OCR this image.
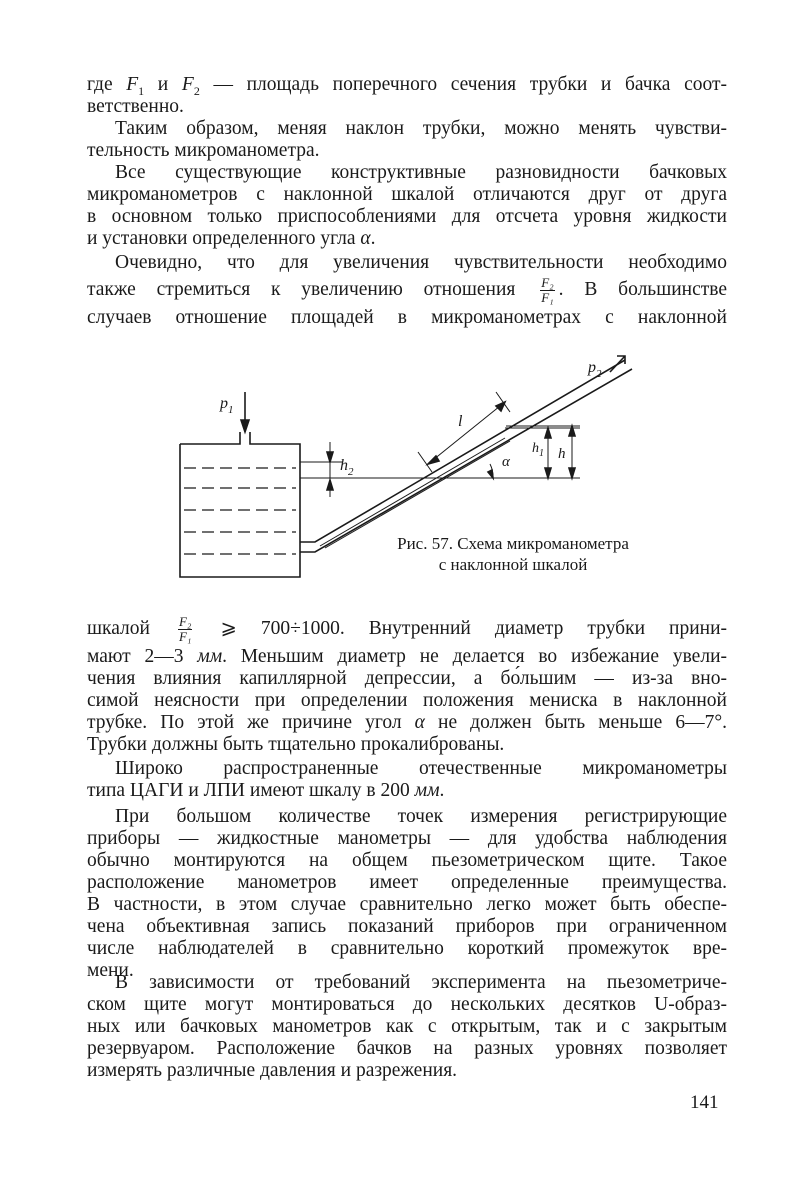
где $F_1$ и $F_2$ — площадь поперечного сечения трубки и бачка соот-
ветственно.

Таким образом, меняя наклон трубки, можно менять чувстви-
тельность микроманометра.

Все существующие конструктивные разновидности бачковых
микроманометров с наклонной шкалой отличаются друг от друга
в основном только приспособлениями для отсчета уровня жидкости
и установки определенного угла α.

Очевидно, что для увеличения чувствительности необходимо
также стремиться к увеличению отношения $\frac{\text{F₂}}{\text{F₁}}$ . В большинстве
случаев отношение площадей в микроманометрах с наклонной

$p_1$
$h_2$
l
α
$h_1$ h
$p_2$
Рис. 57. Схема микроманометра
с наклонной шкалой

шкалой $\frac{\text{F₂}}{\text{F₁}}$ ⩾ 700÷1000. Внутренний диаметр трубки прини-
мают 2—3 мм. Меньшим диаметр не делается во избежание увели-
чения влияния капиллярной депрессии, а бо́льшим — из-за вно-
симой неясности при определении положения мениска в наклонной
трубке. По этой же причине угол α не должен быть меньше 6—7°.
Трубки должны быть тщательно прокалиброваны.

Широко распространенные отечественные микроманометры
типа ЦАГИ и ЛПИ имеют шкалу в 200 мм.

При большом количестве точек измерения регистрирующие
приборы — жидкостные манометры — для удобства наблюдения
обычно монтируются на общем пьезометрическом щите. Такое
расположение манометров имеет определенные преимущества.
В частности, в этом случае сравнительно легко может быть обеспе-
чена объективная запись показаний приборов при ограниченном
числе наблюдателей в сравнительно короткий промежуток вре-
мени.

В зависимости от требований эксперимента на пьезометриче-
ском щите могут монтироваться до нескольких десятков U-образ-
ных или бачковых манометров как с открытым, так и с закрытым
резервуаром. Расположение бачков на разных уровнях позволяет
измерять различные давления и разрежения.

141
